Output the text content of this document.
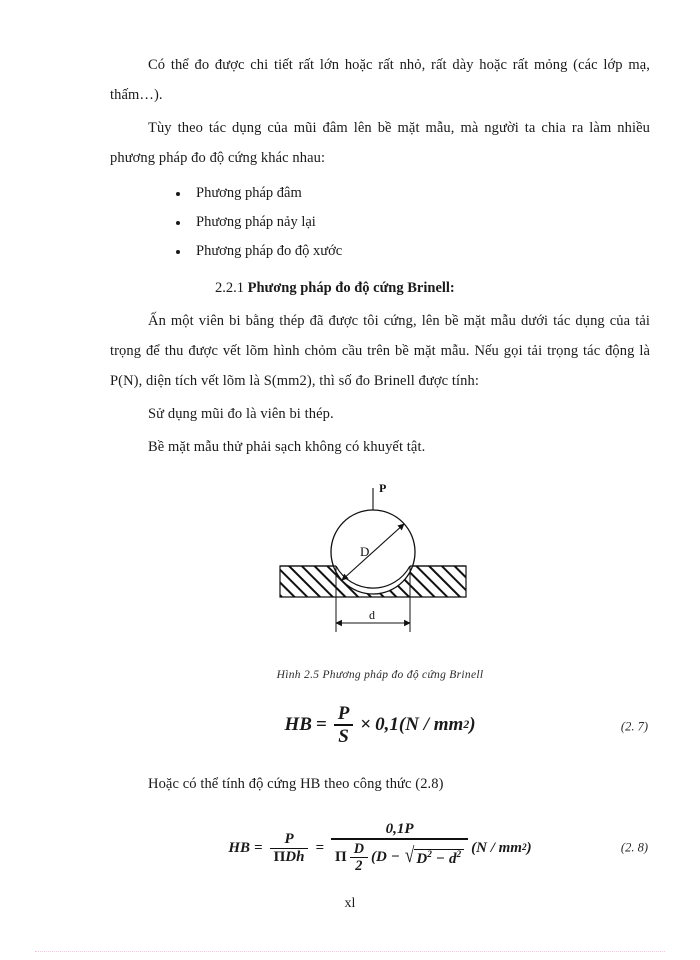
Có thể đo được chi tiết rất lớn hoặc rất nhỏ, rất dày hoặc rất mỏng (các lớp mạ, thấm…).

Tùy theo tác dụng của mũi đâm lên bề mặt mẫu, mà người ta chia ra làm nhiều phương pháp đo độ cứng khác nhau:

Phương pháp đâm
Phương pháp nảy lại
Phương pháp đo độ xước
2.2.1 Phương pháp đo độ cứng Brinell:

Ấn một viên bi bằng thép đã được tôi cứng, lên bề mặt mẫu dưới tác dụng của tải trọng để thu được vết lõm hình chỏm cầu trên bề mặt mẫu. Nếu gọi tải trọng tác động là P(N), diện tích vết lõm là S(mm2), thì số đo Brinell được tính:

Sử dụng mũi đo là viên bi thép.

Bề mặt mẫu thử phải sạch không có khuyết tật.

P
D
d
Hình 2.5 Phương pháp đo độ cứng Brinell
HB = $\frac{P}{S} \times 0,1$ (N / mm 2 )	(2. 7)

Hoặc có thể tính độ cứng HB theo công thức (2.8)

HB = $\frac{P}{\text{ΠDh}}$ =
0,1P
Π $\frac{D}{2} (D$ − √ $D^2 - d^2$ (N / mm 2 )	(2. 8)
xl
